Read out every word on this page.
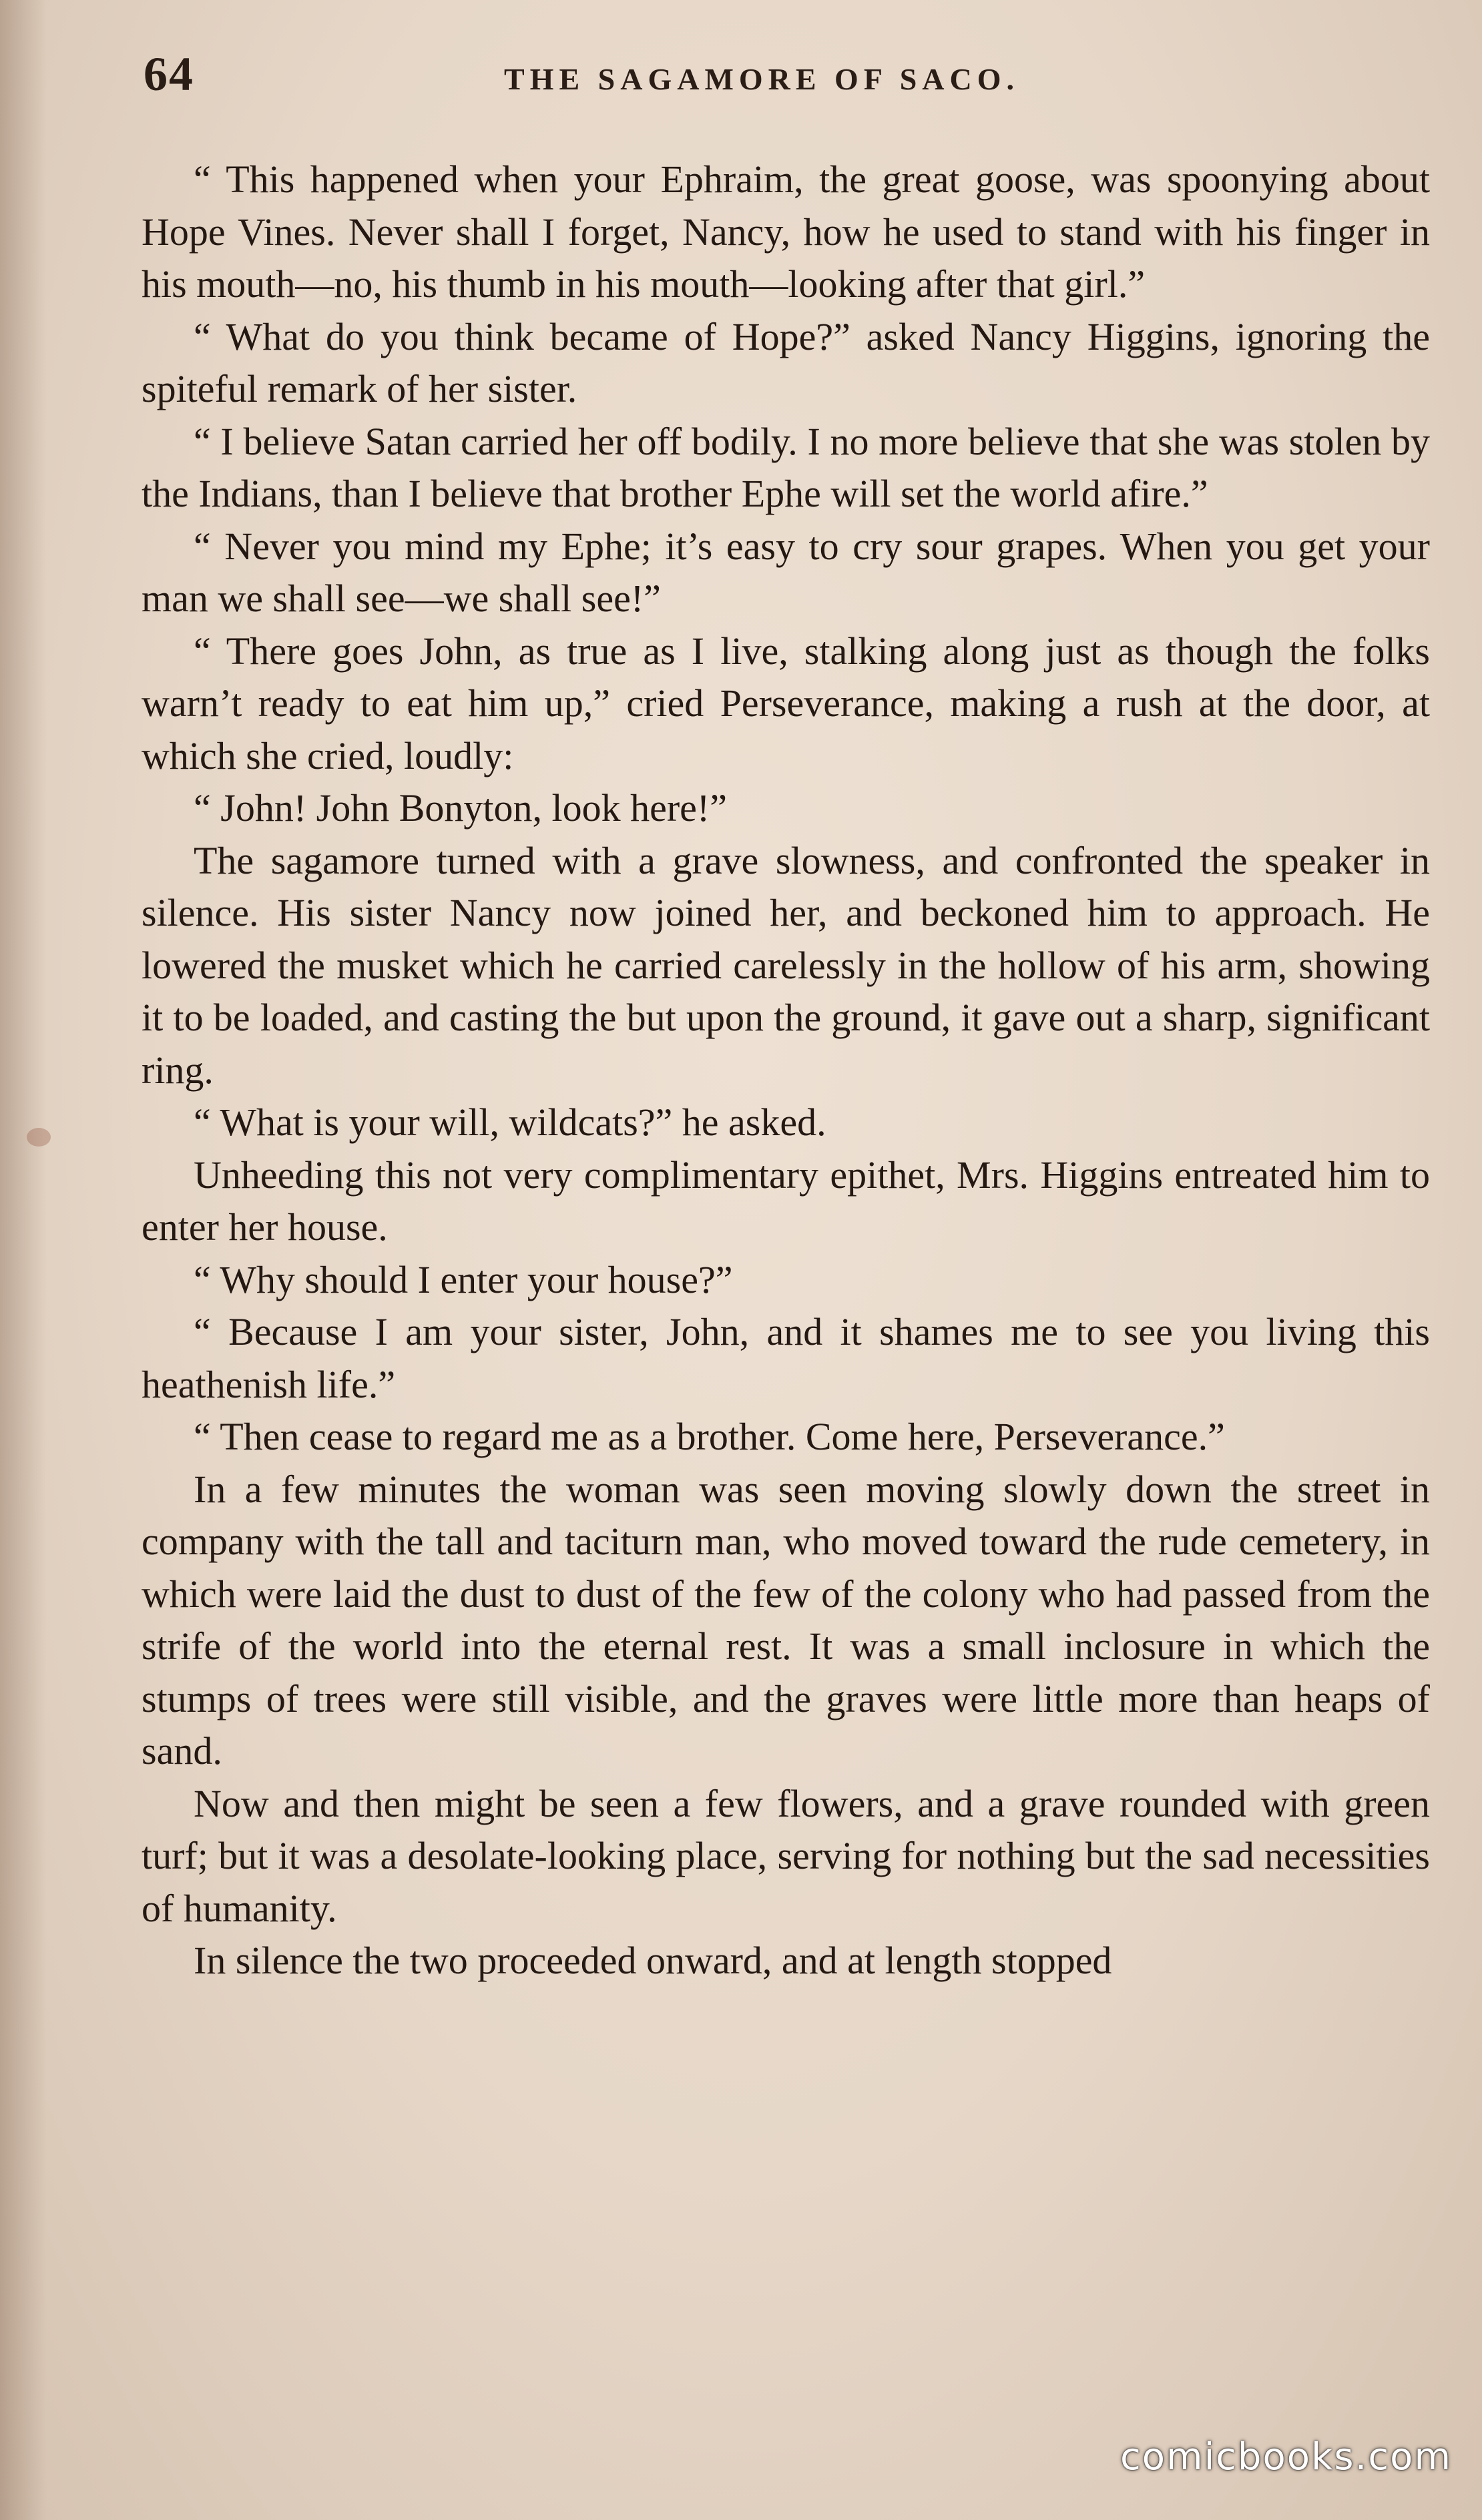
64	THE SAGAMORE OF SACO.

“ This happened when your Ephraim, the great goose, was spoonying about Hope Vines. Never shall I forget, Nancy, how he used to stand with his finger in his mouth—no, his thumb in his mouth—looking after that girl.”

“ What do you think became of Hope?” asked Nancy Higgins, ignoring the spiteful remark of her sister.

“ I believe Satan carried her off bodily. I no more believe that she was stolen by the Indians, than I believe that brother Ephe will set the world afire.”

“ Never you mind my Ephe; it’s easy to cry sour grapes. When you get your man we shall see—we shall see!”

“ There goes John, as true as I live, stalking along just as though the folks warn’t ready to eat him up,” cried Perseverance, making a rush at the door, at which she cried, loudly:

“ John! John Bonyton, look here!”

The sagamore turned with a grave slowness, and confronted the speaker in silence. His sister Nancy now joined her, and beckoned him to approach. He lowered the musket which he carried carelessly in the hollow of his arm, showing it to be loaded, and casting the but upon the ground, it gave out a sharp, significant ring.

“ What is your will, wildcats?” he asked.

Unheeding this not very complimentary epithet, Mrs. Higgins entreated him to enter her house.

“ Why should I enter your house?”

“ Because I am your sister, John, and it shames me to see you living this heathenish life.”

“ Then cease to regard me as a brother. Come here, Perseverance.”

In a few minutes the woman was seen moving slowly down the street in company with the tall and taciturn man, who moved toward the rude cemetery, in which were laid the dust to dust of the few of the colony who had passed from the strife of the world into the eternal rest. It was a small inclosure in which the stumps of trees were still visible, and the graves were little more than heaps of sand.

Now and then might be seen a few flowers, and a grave rounded with green turf; but it was a desolate-looking place, serving for nothing but the sad necessities of humanity.

In silence the two proceeded onward, and at length stopped

comicbooks.com
